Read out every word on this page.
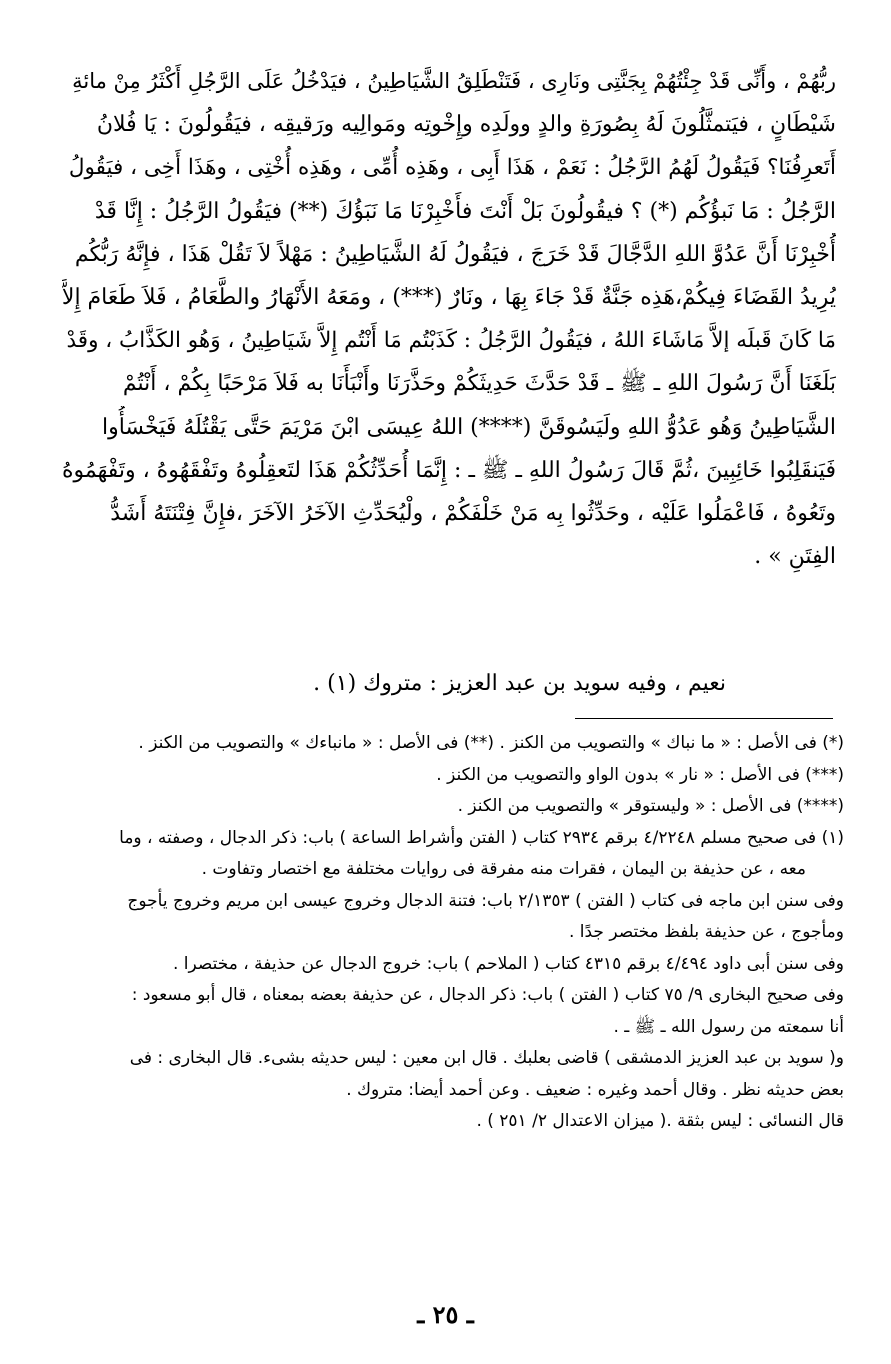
ربُّهُمْ ، وأَنِّى قَدْ جِئْتُهُمْ بِجَنَّتِى ونَارِى ، فَتَنْطَلِقُ الشَّيَاطِينُ ، فيَدْخُلُ عَلَى الرَّجُلِ أَكْثَرُ مِنْ مائةِ
شَيْطَانٍ ، فيَتمثَّلُونَ لَهُ بِصُورَةِ والدٍ وولَدِه وإِخْوتِه ومَوالِيه ورَقيقِه ، فيَقُولُونَ : يَا فُلانُ
أَتَعرِفُنَا؟ فَيَقُولُ لَهُمُ الرَّجُلُ : نَعَمْ ، هَذَا أَبِى ، وهَذِه أُمِّى ، وهَذِه أُخْتِى ، وهَذَا أَخِى ، فيَقُولُ
الرَّجُلُ : مَا نَبؤُكُم (*) ؟ فيقُولُونَ بَلْ أَنْتَ فأَخْبِرْنَا مَا نَبَؤُكَ (**) فيَقُولُ الرَّجُلُ : إِنَّا قَدْ
أُخْبِرْنَا أَنَّ عَدُوَّ اللهِ الدَّجَّالَ قَدْ خَرَجَ ، فيَقُولُ لَهُ الشَّيَاطِينُ : مَهْلاً لاَ تَقُلْ هَذَا ، فإِنَّهُ رَبُّكُم
يُرِيدُ القَضَاءَ فِيكُمْ،هَذِه جَنَّةٌ قَدْ جَاءَ بِهَا ، ونَارٌ (***) ، ومَعَهُ الأَنْهَارُ والطَّعَامُ ، فَلاَ طَعَامَ إِلاَّ
مَا كَانَ قَبلَه إلاَّ مَاشَاءَ اللهُ ، فيَقُولُ الرَّجُلُ : كَذَبْتُم مَا أَنْتُم إِلاَّ شَيَاطِينُ ، وَهُو الكَذَّابُ ، وقَدْ
بَلَغَنَا أَنَّ رَسُولَ اللهِ ـ ﷺ ـ قَدْ حَدَّثَ حَدِيثَكُمْ وحَذَّرَنَا وأَنْبَأَنَا به فَلاَ مَرْحَبًا بِكُمْ ، أَنْتُمْ
الشَّيَاطِينُ وَهُو عَدُوُّ اللهِ ولَيَسُوقَنَّ (****) اللهُ عِيسَى ابْنَ مَرْيَمَ حَتَّى يَقْتُلَهُ فَيَخْسَأُوا
فَيَنقَلِبُوا خَائِبِينَ ،ثُمَّ قَالَ رَسُولُ اللهِ ـ ﷺ ـ : إِنَّمَا أُحَدِّثُكُمْ هَذَا لتَعقِلُوهُ وتَفْقَهُوهُ ، وتَفْهَمُوهُ
وتَعُوهُ ، فَاعْمَلُوا عَلَيْه ، وحَدِّثُوا بِه مَنْ خَلْفَكُمْ ، ولْيُحَدِّثِ الآخَرُ الآخَرَ ،فإِنَّ فِتْنَتَهُ أَشَدُّ
الفِتَنِ » .
نعيم ، وفيه سويد بن عبد العزيز : متروك (١) .
(*) فى الأصل : « ما نباك » والتصويب من الكنز . (**) فى الأصل : « مانباءك » والتصويب من الكنز .
(***) فى الأصل : « نار » بدون الواو والتصويب من الكنز .
(****) فى الأصل : « وليستوقر » والتصويب من الكنز .
(١) فى صحيح مسلم ٤/٢٢٤٨ برقم ٢٩٣٤ كتاب ( الفتن وأشراط الساعة ) باب: ذكر الدجال ، وصفته ، وما
معه ، عن حذيفة بن اليمان ، فقرات منه مفرقة فى روايات مختلفة مع اختصار وتفاوت .
وفى سنن ابن ماجه فى كتاب ( الفتن ) ٢/١٣٥٣ باب: فتنة الدجال وخروج عيسى ابن مريم وخروج يأجوج
ومأجوج ، عن حذيفة بلفظ مختصر جدًا .
وفى سنن أبى داود ٤/٤٩٤ برقم ٤٣١٥ كتاب ( الملاحم ) باب: خروج الدجال عن حذيفة ، مختصرا .
وفى صحيح البخارى ٩/ ٧٥ كتاب ( الفتن ) باب: ذكر الدجال ، عن حذيفة بعضه بمعناه ، قال أبو مسعود :
أنا سمعته من رسول الله ـ ﷺ ـ .
و( سويد بن عبد العزيز الدمشقى ) قاضى بعلبك . قال ابن معين : ليس حديثه بشىء. قال البخارى : فى
بعض حديثه نظر . وقال أحمد وغيره : ضعيف . وعن أحمد أيضا: متروك .
قال النسائى : ليس بثقة .( ميزان الاعتدال ٢/ ٢٥١ ) .
ـ ٢٥ ـ
